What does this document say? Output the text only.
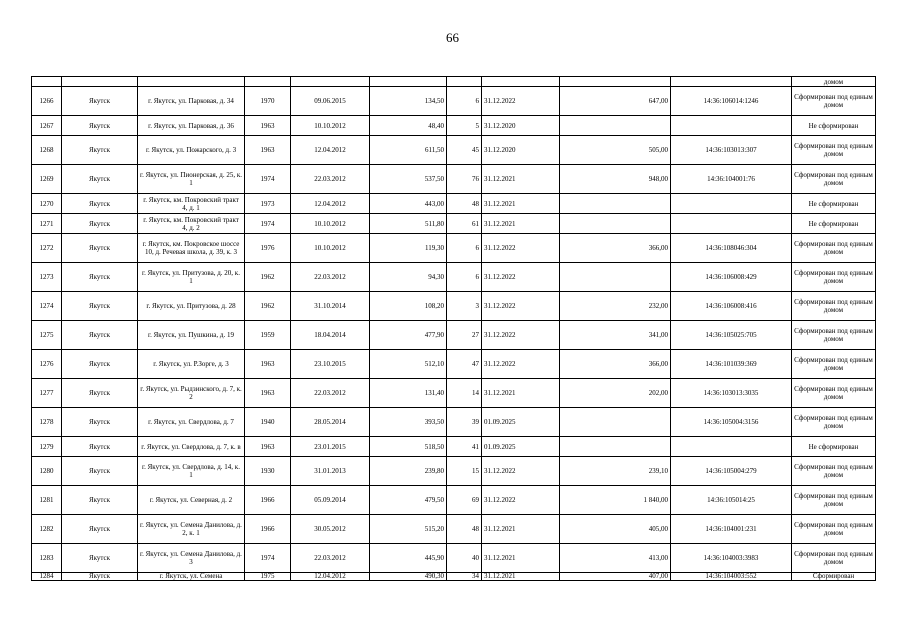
66
										домом
1266	Якутск	г. Якутск, ул. Парковая, д. 34	1970	09.06.2015	134,50	6	31.12.2022	647,00	14:36:106014:1246	Сформирован под единым домом
1267	Якутск	г. Якутск, ул. Парковая, д. 36	1963	10.10.2012	48,40	5	31.12.2020			Не сформирован
1268	Якутск	г. Якутск, ул. Пожарского, д. 3	1963	12.04.2012	611,50	45	31.12.2020	505,00	14:36:103013:307	Сформирован под единым домом
1269	Якутск	г. Якутск, ул. Пионерская, д. 25, к. 1	1974	22.03.2012	537,50	76	31.12.2021	948,00	14:36:104001:76	Сформирован под единым домом
1270	Якутск	г. Якутск, км. Покровский тракт 4, д. 1	1973	12.04.2012	443,00	48	31.12.2021			Не сформирован
1271	Якутск	г. Якутск, км. Покровский тракт 4, д. 2	1974	10.10.2012	511,80	61	31.12.2021			Не сформирован
1272	Якутск	г. Якутск, км. Покровское шоссе 10, д. Речевая школа, д. 39, к. 3	1976	10.10.2012	119,30	6	31.12.2022	366,00	14:36:108046:304	Сформирован под единым домом
1273	Якутск	г. Якутск, ул. Притузова, д. 20, к. 1	1962	22.03.2012	94,30	6	31.12.2022		14:36:106008:429	Сформирован под единым домом
1274	Якутск	г. Якутск, ул. Притузова, д. 28	1962	31.10.2014	108,20	3	31.12.2022	232,00	14:36:106008:416	Сформирован под единым домом
1275	Якутск	г. Якутск, ул. Пушкина, д. 19	1959	18.04.2014	477,90	27	31.12.2022	341,00	14:36:105025:705	Сформирован под единым домом
1276	Якутск	г. Якутск, ул. Р.Зорге, д. 3	1963	23.10.2015	512,10	47	31.12.2022	366,00	14:36:101039:369	Сформирован под единым домом
1277	Якутск	г. Якутск, ул. Рыдзинского, д. 7, к. 2	1963	22.03.2012	131,40	14	31.12.2021	202,00	14:36:103013:3035	Сформирован под единым домом
1278	Якутск	г. Якутск, ул. Свердлова, д. 7	1940	28.05.2014	393,50	39	01.09.2025		14:36:105004:3156	Сформирован под единым домом
1279	Якутск	г. Якутск, ул. Свердлова, д. 7, к. в	1963	23.01.2015	518,50	41	01.09.2025			Не сформирован
1280	Якутск	г. Якутск, ул. Свердлова, д. 14, к. 1	1930	31.01.2013	239,80	15	31.12.2022	239,10	14:36:105004:279	Сформирован под единым домом
1281	Якутск	г. Якутск, ул. Северная, д. 2	1966	05.09.2014	479,50	69	31.12.2022	1 840,00	14:36:105014:25	Сформирован под единым домом
1282	Якутск	г. Якутск, ул. Семена Данилова, д. 2, к. 1	1966	30.05.2012	515,20	48	31.12.2021	405,00	14:36:104001:231	Сформирован под единым домом
1283	Якутск	г. Якутск, ул. Семена Данилова, д. 3	1974	22.03.2012	445,90	40	31.12.2021	413,00	14:36:104003:3983	Сформирован под единым домом
1284	Якутск	г. Якутск, ул. Семена	1975	12.04.2012	490,30	34	31.12.2021	407,00	14:36:104003:552	Сформирован
